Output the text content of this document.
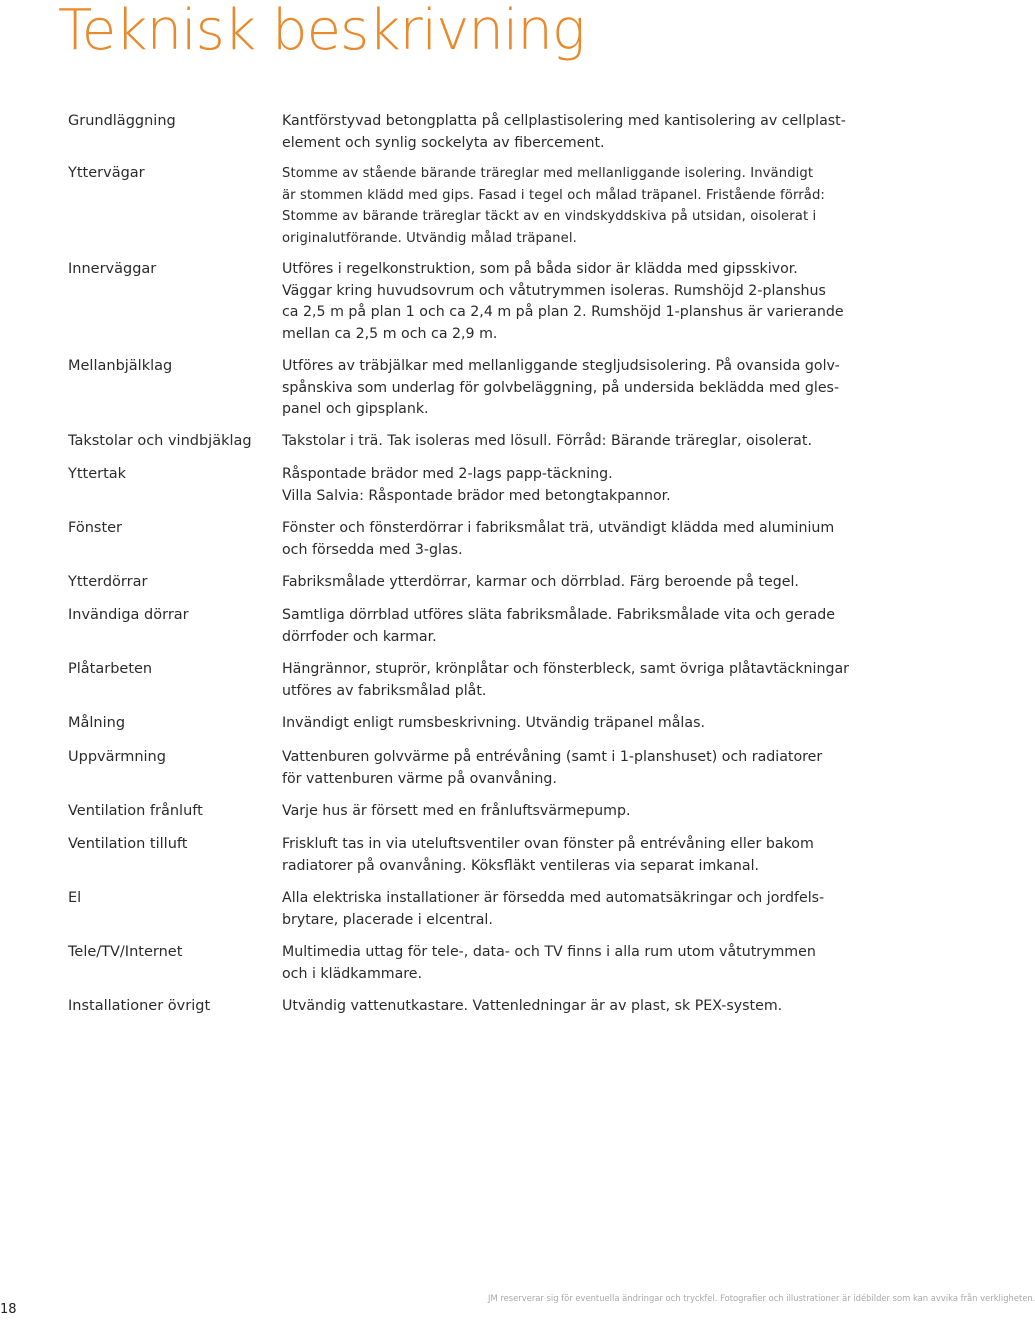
Teknisk beskrivning
Grundläggning	Kantförstyvad betongplatta på cellplastisolering med kantisolering av cellplast-
element och synlig sockelyta av fibercement.
Yttervägar	Stomme av stående bärande träreglar med mellanliggande isolering. Invändigt
är stommen klädd med gips. Fasad i tegel och målad träpanel. Fristående förråd:
Stomme av bärande träreglar täckt av en vindskyddskiva på utsidan, oisolerat i
originalutförande. Utvändig målad träpanel.
Innerväggar	Utföres i regelkonstruktion, som på båda sidor är klädda med gipsskivor.
Väggar kring huvudsovrum och våtutrymmen isoleras. Rumshöjd 2-planshus
ca 2,5 m på plan 1 och ca 2,4 m på plan 2. Rumshöjd 1-planshus är varierande
mellan ca 2,5 m och ca 2,9 m.
Mellanbjälklag	Utföres av träbjälkar med mellanliggande stegljudsisolering. På ovansida golv-
spånskiva som underlag för golvbeläggning, på undersida beklädda med gles-
panel och gipsplank.
Takstolar och vindbjäklag	Takstolar i trä. Tak isoleras med lösull. Förråd: Bärande träreglar, oisolerat.
Yttertak	Råspontade brädor med 2-lags papp-täckning.
Villa Salvia: Råspontade brädor med betongtakpannor.
Fönster	Fönster och fönsterdörrar i fabriksmålat trä, utvändigt klädda med aluminium
och försedda med 3-glas.
Ytterdörrar	Fabriksmålade ytterdörrar, karmar och dörrblad. Färg beroende på tegel.
Invändiga dörrar	Samtliga dörrblad utföres släta fabriksmålade. Fabriksmålade vita och gerade
dörrfoder och karmar.
Plåtarbeten	Hängrännor, stuprör, krönplåtar och fönsterbleck, samt övriga plåtavtäckningar
utföres av fabriksmålad plåt.
Målning	Invändigt enligt rumsbeskrivning. Utvändig träpanel målas.
Uppvärmning	Vattenburen golvvärme på entrévåning (samt i 1-planshuset) och radiatorer
för vattenburen värme på ovanvåning.
Ventilation frånluft	Varje hus är försett med en frånluftsvärmepump.
Ventilation tilluft	Friskluft tas in via uteluftsventiler ovan fönster på entrévåning eller bakom
radiatorer på ovanvåning. Köksfläkt ventileras via separat imkanal.
El	Alla elektriska installationer är försedda med automatsäkringar och jordfels-
brytare, placerade i elcentral.
Tele/TV/Internet	Multimedia uttag för tele-, data- och TV finns i alla rum utom våtutrymmen
och i klädkammare.
Installationer övrigt	Utvändig vattenutkastare. Vattenledningar är av plast, sk PEX-system.
18
JM reserverar sig för eventuella ändringar och tryckfel. Fotografier och illustrationer är idébilder som kan avvika från verkligheten.
